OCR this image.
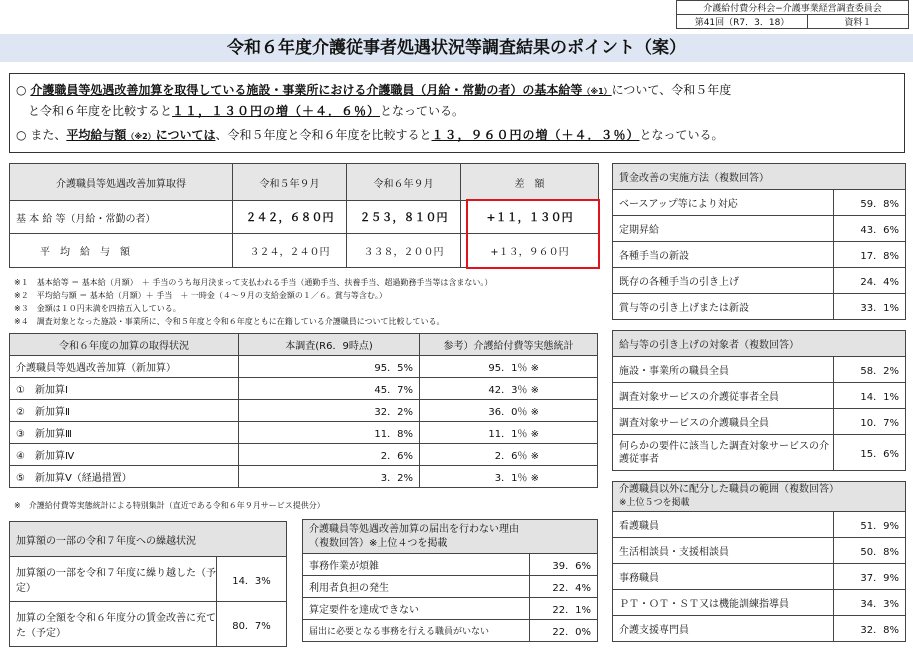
介護給付費分科会−介護事業経営調査委員会
第41回（R7．3．18）	資料１
令和６年度介護従事者処遇状況等調査結果のポイント（案）
○ 介護職員等処遇改善加算を取得している施設・事業所における介護職員（月給・常勤の者）の基本給等（※1）について、令和５年度
と令和６年度を比較すると１１，１３０円の増（＋４．６％）となっている。
○ また、平均給与額（※2）については、令和５年度と令和６年度を比較すると１３，９６０円の増（＋４．３％）となっている。
介護職員等処遇改善加算取得	令和５年９月	令和６年９月	差　額
基 本 給 等（月給・常勤の者）	２４２，６８０円	２５３，８１０円	+１１，１３０円
平　均　給　与　額	３２４，２４０円	３３８，２００円	+１３，９６０円
※１　基本給等 ＝ 基本給（月額）　＋ 手当のうち毎月決まって支払われる手当（通勤手当、扶養手当、超過勤務手当等は含まない。）
※２　平均給与額 ＝ 基本給（月額）＋ 手当　＋ 一時金（４〜９月の支給金額の１／６。賞与等含む。）
※３　金額は１０円未満を四捨五入している。
※４　調査対象となった施設・事業所に、令和５年度と令和６年度ともに在籍している介護職員について比較している。
令和６年度の加算の取得状況	本調査(R6．9時点)	参考）介護給付費等実態統計
介護職員等処遇改善加算（新加算）	95．5%	95．1％ ※
①　新加算Ⅰ	45．7%	42．3％ ※
②　新加算Ⅱ	32．2%	36．0％ ※
③　新加算Ⅲ	11．8%	11．1％ ※
④　新加算Ⅳ	2．6%	2．6％ ※
⑤　新加算Ⅴ（経過措置）	3．2%	3．1％ ※
※　介護給付費等実態統計による特別集計（直近である令和６年９月サービス提供分）
加算額の一部の令和７年度への繰越状況	
加算額の一部を令和７年度に繰り越した（予定）	14．3%
加算の全額を令和６年度分の賃金改善に充てた（予定）	80．7%
介護職員等処遇改善加算の届出を行わない理由
（複数回答）※上位４つを掲載	
事務作業が煩雑	39．6%
利用者負担の発生	22．4%
算定要件を達成できない	22．1%
届出に必要となる事務を行える職員がいない	22．0%
賃金改善の実施方法（複数回答）	
ベースアップ等により対応	59．8%
定期昇給	43．6%
各種手当の新設	17．8%
既存の各種手当の引き上げ	24．4%
賞与等の引き上げまたは新設	33．1%
給与等の引き上げの対象者（複数回答）	
施設・事業所の職員全員	58．2%
調査対象サービスの介護従事者全員	14．1%
調査対象サービスの介護職員全員	10．7%
何らかの要件に該当した調査対象サービスの介護従事者	15．6%
介護職員以外に配分した職員の範囲（複数回答）
※上位５つを掲載	
看護職員	51．9%
生活相談員・支援相談員	50．8%
事務職員	37．9%
ＰＴ・ＯＴ・ＳＴ又は機能訓練指導員	34．3%
介護支援専門員	32．8%
